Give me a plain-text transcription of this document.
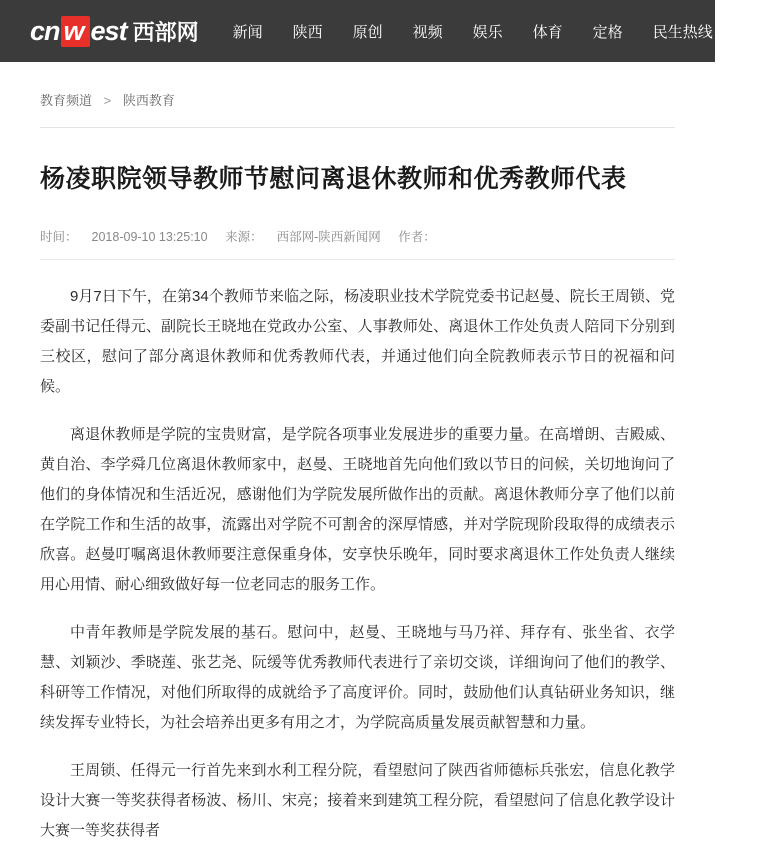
cn w est 西部网 新闻 陕西 原创 视频 娱乐 体育 定格 民生热线 更多
教育频道 > 陕西教育
杨凌职院领导教师节慰问离退休教师和优秀教师代表
时间： 2018-09-10 13:25:10 来源： 西部网-陕西新闻网 作者：

9月7日下午，在第34个教师节来临之际，杨凌职业技术学院党委书记赵曼、院长王周锁、党委副书记任得元、副院长王晓地在党政办公室、人事教师处、离退休工作处负责人陪同下分别到三校区，慰问了部分离退休教师和优秀教师代表，并通过他们向全院教师表示节日的祝福和问候。

离退休教师是学院的宝贵财富，是学院各项事业发展进步的重要力量。在高增朗、吉殿威、黄自治、李学舜几位离退休教师家中，赵曼、王晓地首先向他们致以节日的问候，关切地询问了他们的身体情况和生活近况，感谢他们为学院发展所做作出的贡献。离退休教师分享了他们以前在学院工作和生活的故事，流露出对学院不可割舍的深厚情感，并对学院现阶段取得的成绩表示欣喜。赵曼叮嘱离退休教师要注意保重身体，安享快乐晚年，同时要求离退休工作处负责人继续用心用情、耐心细致做好每一位老同志的服务工作。

中青年教师是学院发展的基石。慰问中，赵曼、王晓地与马乃祥、拜存有、张坐省、衣学慧、刘颖沙、季晓莲、张艺尧、阮缓等优秀教师代表进行了亲切交谈，详细询问了他们的教学、科研等工作情况，对他们所取得的成就给予了高度评价。同时，鼓励他们认真钻研业务知识，继续发挥专业特长，为社会培养出更多有用之才，为学院高质量发展贡献智慧和力量。

王周锁、任得元一行首先来到水利工程分院，看望慰问了陕西省师德标兵张宏，信息化教学设计大赛一等奖获得者杨波、杨川、宋亮；接着来到建筑工程分院，看望慰问了信息化教学设计大赛一等奖获得者
